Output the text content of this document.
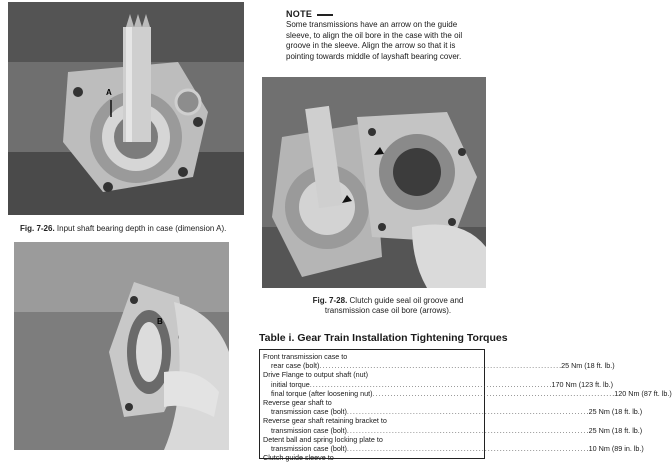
A
Fig. 7-26. Input shaft bearing depth in case (dimension A).
B
NOTE
Some transmissions have an arrow on the guide sleeve, to align the oil bore in the case with the oil groove in the sleeve. Align the arrow so that it is pointing towards middle of layshaft bearing cover.
Fig. 7-28. Clutch guide seal oil groove and transmission case oil bore (arrows).
Table i. Gear Train Installation Tightening Torques
Front transmission case to
rear case (bolt) ................................................................................ .25 Nm (18 ft. lb.)
Drive Flange to output shaft (nut)
initial torque ................................................................................ .170 Nm (123 ft. lb.)
final torque (after loosening nut) ................................................................................ .120 Nm (87 ft. lb.)
Reverse gear shaft to
transmission case (bolt) ................................................................................ .25 Nm (18 ft. lb.)
Reverse gear shaft retaining bracket to
transmission case (bolt) ................................................................................ .25 Nm (18 ft. lb.)
Detent ball and spring locking plate to
transmission case (bolt) ................................................................................ .10 Nm (89 in. lb.)
Clutch guide sleeve to
